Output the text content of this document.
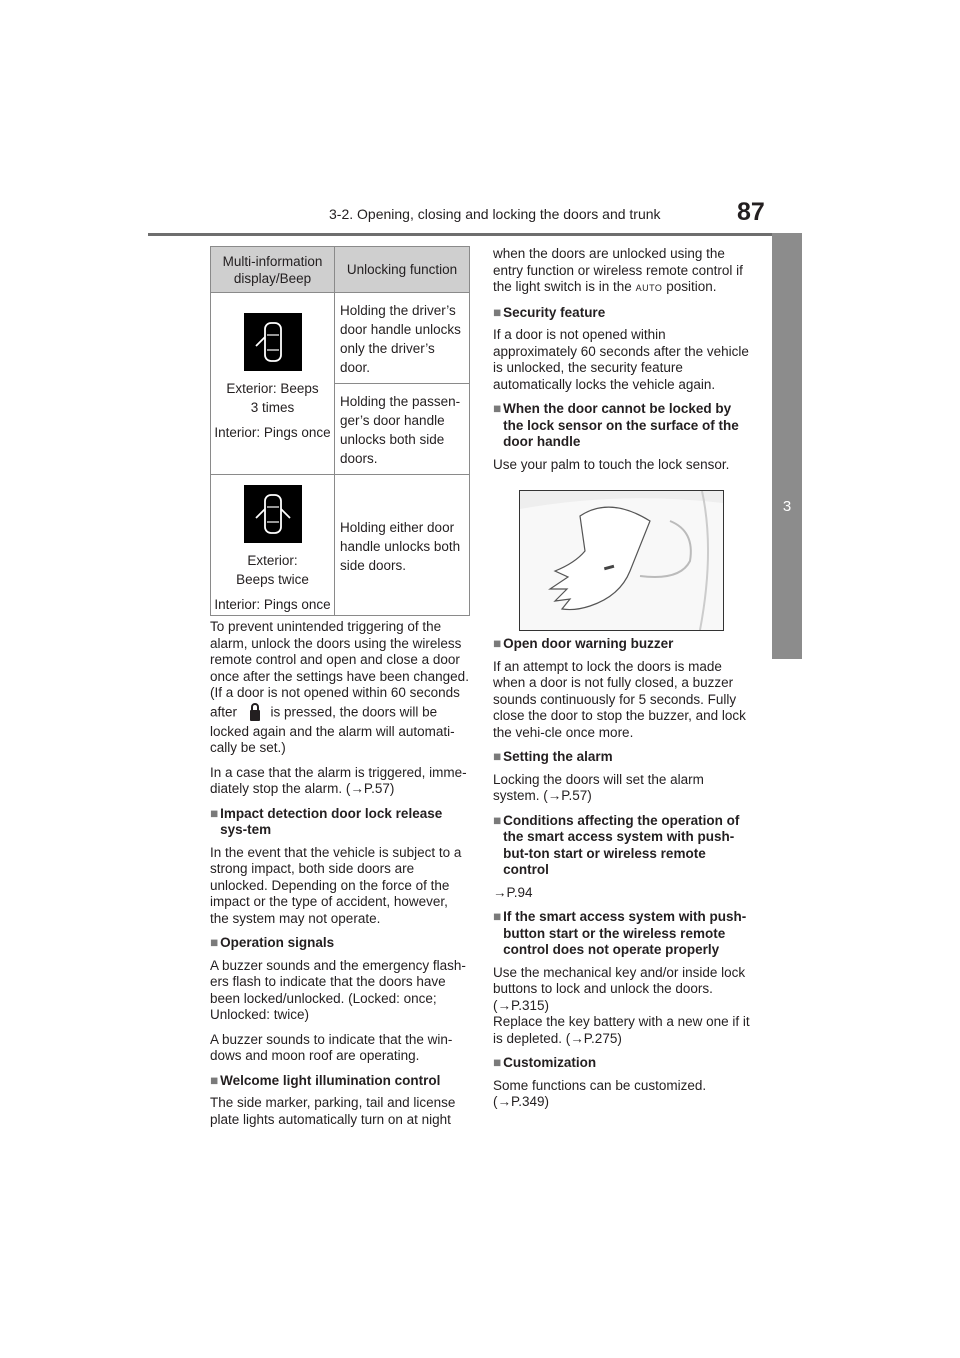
3-2. Opening, closing and locking the doors and trunk	87
3
Before driving
Multi-information display/Beep	Unlocking function

Exterior: Beeps 3 times
Interior: Pings once	Holding the driver’s door handle unlocks only the driver’s door.
	Holding the passen-ger’s door handle unlocks both side doors.

Exterior: Beeps twice
Interior: Pings once	Holding either door handle unlocks both side doors.

To prevent unintended triggering of the alarm, unlock the doors using the wireless remote control and open and close a door once after the settings have been changed. (If a door is not opened within 60 seconds after is pressed, the doors will be locked again and the alarm will automati-cally be set.)

In a case that the alarm is triggered, imme-diately stop the alarm. (→P.57)

■ Impact detection door lock release sys-tem

In the event that the vehicle is subject to a strong impact, both side doors are unlocked. Depending on the force of the impact or the type of accident, however, the system may not operate.

■ Operation signals

A buzzer sounds and the emergency flash-ers flash to indicate that the doors have been locked/unlocked. (Locked: once; Unlocked: twice)

A buzzer sounds to indicate that the win-dows and moon roof are operating.

■ Welcome light illumination control

The side marker, parking, tail and license plate lights automatically turn on at night

when the doors are unlocked using the entry function or wireless remote control if the light switch is in the AUTO position.

■ Security feature

If a door is not opened within approximately 60 seconds after the vehicle is unlocked, the security feature automatically locks the vehicle again.

■ When the door cannot be locked by the lock sensor on the surface of the door handle

Use your palm to touch the lock sensor.

■ Open door warning buzzer

If an attempt to lock the doors is made when a door is not fully closed, a buzzer sounds continuously for 5 seconds. Fully close the door to stop the buzzer, and lock the vehi-cle once more.

■ Setting the alarm

Locking the doors will set the alarm system. (→P.57)

■ Conditions affecting the operation of the smart access system with push-but-ton start or wireless remote control

→P.94

■ If the smart access system with push-button start or the wireless remote control does not operate properly

Use the mechanical key and/or inside lock buttons to lock and unlock the doors. (→P.315)

Replace the key battery with a new one if it is depleted. (→P.275)

■ Customization

Some functions can be customized. (→P.349)
